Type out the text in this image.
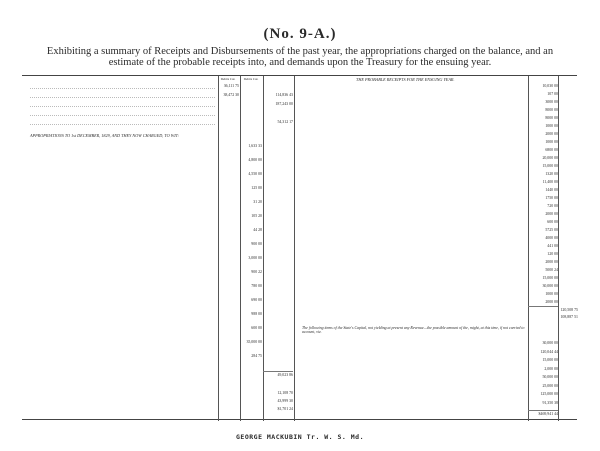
(No. 9-A.)
Exhibiting a summary of Receipts and Disbursements of the past year, the appropriations charged on the balance, and an estimate of the probable receipts into, and demands upon the Treasury for the ensuing year.
Debits Cur.	Debits Cur.
36,111 75
38,472 30	114,836 43
187,243 00
54,312 17
APPROPRIATIONS TO 1st DECEMBER, 1829, AND THEY NOW CHARGED, TO WIT:
1,633 33
4,800 00
4,550 00
125 00
31 20
105 20
44 28
900 00
3,000 00
900 22
780 00
690 00
988 00
600 00
35,000 00
284 75
49,023 86
12,108 70
43,999 30
$1,701 24
THE PROBABLE RECEIPTS FOR THE ENSUING YEAR.
10,030 00
107 00
3000 00
8000 00
8000 00
1000 00
2000 00
1000 00
6800 00
20,000 00
15,000 00
1320 00
11,400 00
1440 00
1750 00
720 00
2000 00
600 00
5725 00
4000 00
441 00
120 00
2000 00
5000 24
15,000 00
30,000 00
1000 00
2000 00
120,508 75
108,887 51
The following items of the State's Capital, not yielding at present any Revenue—the possible amount of the, might, at this time, if not carried to account, viz.
30,000 00
120,044 44
15,000 00
2,000 00
50,000 00
25,000 00
125,000 00
91,350 38
$469,941 44
GEORGE MACKUBIN Tr. W. S. Md.
